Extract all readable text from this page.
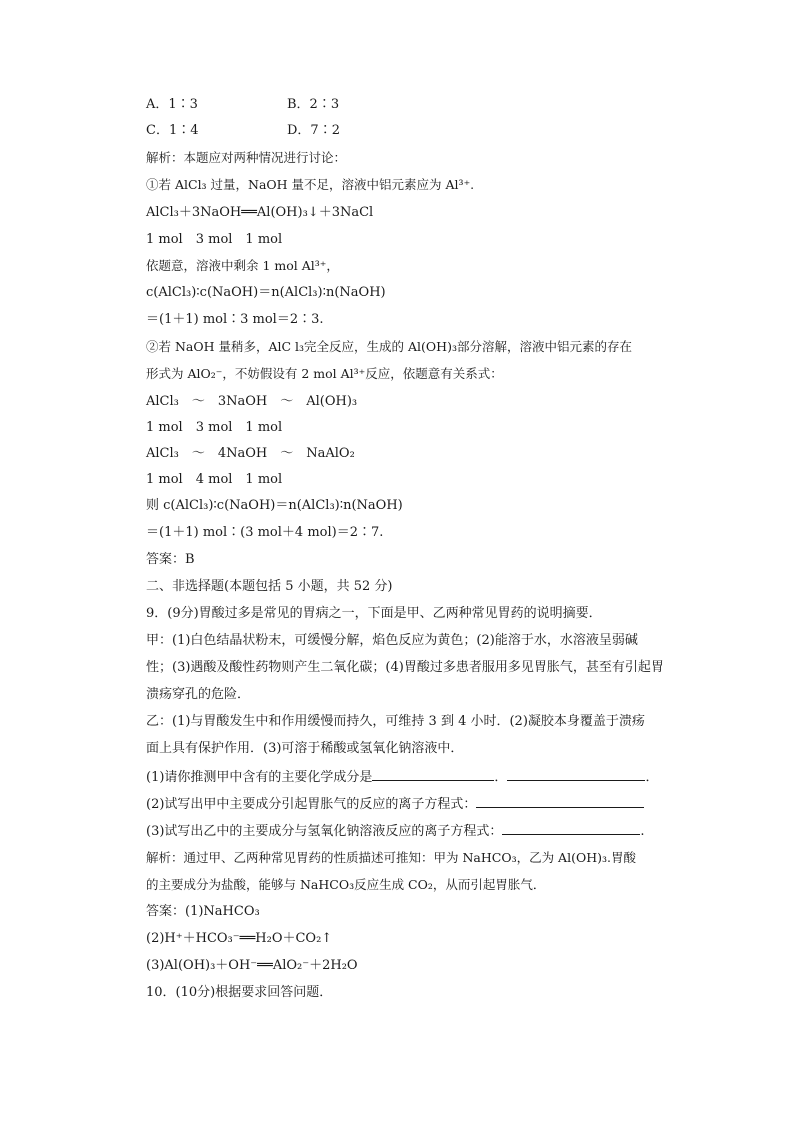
A．1∶3	B．2∶3
C．1∶4	D．7∶2
解析：本题应对两种情况进行讨论：
①若 AlCl₃ 过量，NaOH 量不足，溶液中铝元素应为 Al³⁺.
AlCl₃＋3NaOH══Al(OH)₃↓＋3NaCl
1 mol　3 mol　1 mol
依题意，溶液中剩余 1 mol Al³⁺，
c(AlCl₃)∶c(NaOH)＝n(AlCl₃)∶n(NaOH)
＝(1＋1) mol∶3 mol＝2∶3.
②若 NaOH 量稍多，AlC l₃完全反应，生成的 Al(OH)₃部分溶解，溶液中铝元素的存在
形式为 AlO₂⁻，不妨假设有 2 mol Al³⁺反应，依题意有关系式：
AlCl₃　～　3NaOH　～　Al(OH)₃
1 mol　3 mol　1 mol
AlCl₃　～　4NaOH　～　NaAlO₂
1 mol　4 mol　1 mol
则 c(AlCl₃)∶c(NaOH)＝n(AlCl₃)∶n(NaOH)
＝(1＋1) mol∶(3 mol＋4 mol)＝2∶7.
答案：B
二、非选择题(本题包括 5 小题，共 52 分)
9．(9分)胃酸过多是常见的胃病之一，下面是甲、乙两种常见胃药的说明摘要．
甲：(1)白色结晶状粉末，可缓慢分解，焰色反应为黄色；(2)能溶于水，水溶液呈弱碱
性；(3)遇酸及酸性药物则产生二氧化碳；(4)胃酸过多患者服用多见胃胀气，甚至有引起胃
溃疡穿孔的危险．
乙：(1)与胃酸发生中和作用缓慢而持久，可维持 3 到 4 小时．(2)凝胶本身覆盖于溃疡
面上具有保护作用．(3)可溶于稀酸或氢氧化钠溶液中．
(1)请你推测甲中含有的主要化学成分是	．	．
(2)试写出甲中主要成分引起胃胀气的反应的离子方程式：
(3)试写出乙中的主要成分与氢氧化钠溶液反应的离子方程式：	.
解析：通过甲、乙两种常见胃药的性质描述可推知：甲为 NaHCO₃，乙为 Al(OH)₃.胃酸
的主要成分为盐酸，能够与 NaHCO₃反应生成 CO₂，从而引起胃胀气．
答案：(1)NaHCO₃
(2)H⁺＋HCO₃⁻══H₂O＋CO₂↑
(3)Al(OH)₃＋OH⁻══AlO₂⁻＋2H₂O
10．(10分)根据要求回答问题．
